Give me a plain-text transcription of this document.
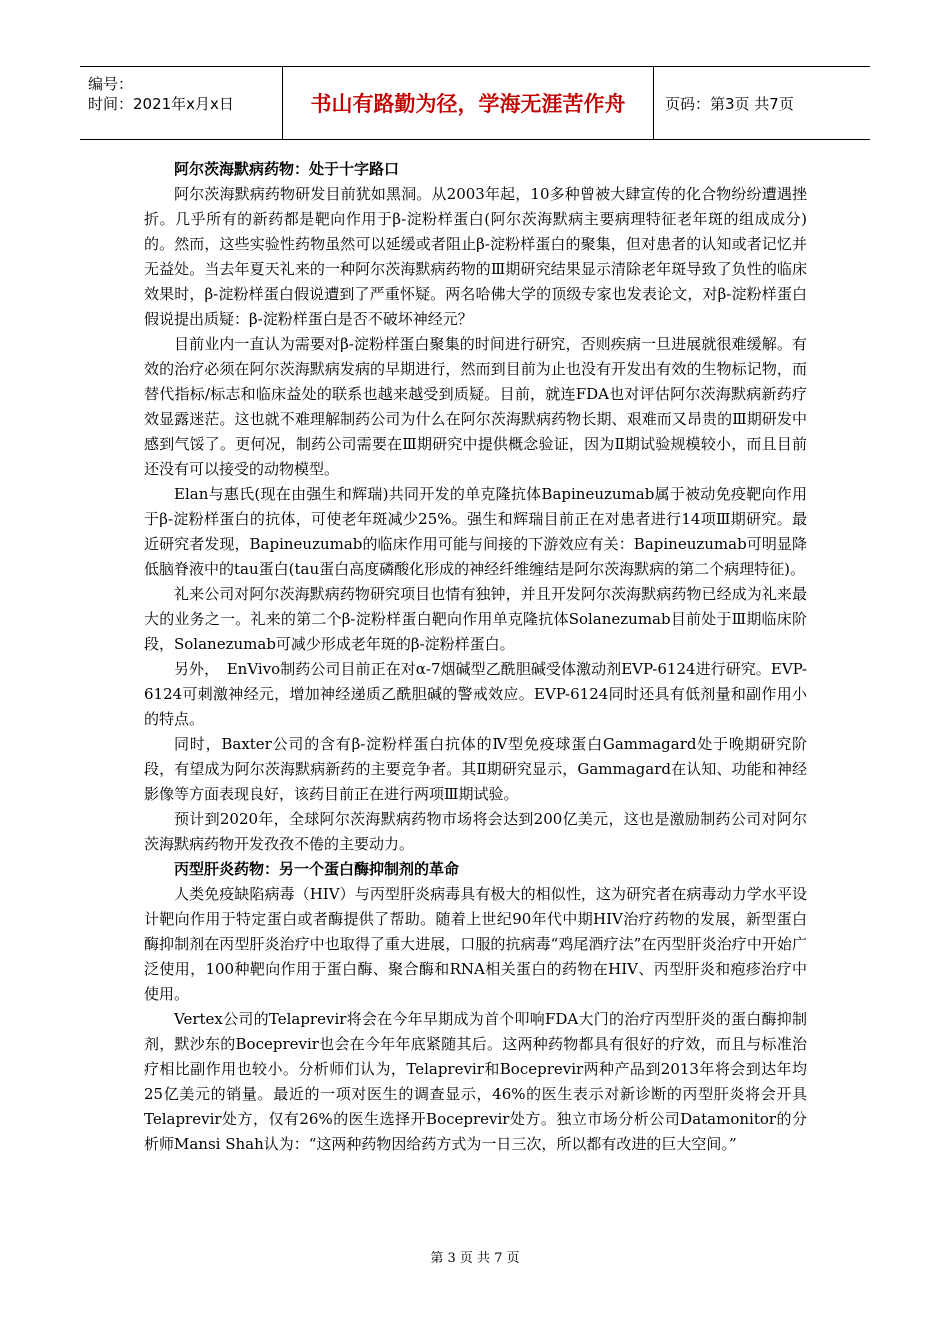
编号：
时间：2021年x月x日	书山有路勤为径，学海无涯苦作舟	页码：第3页 共7页

阿尔茨海默病药物：处于十字路口

阿尔茨海默病药物研发目前犹如黑洞。从2003年起，10多种曾被大肆宣传的化合物纷纷遭遇挫折。几乎所有的新药都是靶向作用于β-淀粉样蛋白(阿尔茨海默病主要病理特征老年斑的组成成分)的。然而，这些实验性药物虽然可以延缓或者阻止β-淀粉样蛋白的聚集，但对患者的认知或者记忆并无益处。当去年夏天礼来的一种阿尔茨海默病药物的Ⅲ期研究结果显示清除老年斑导致了负性的临床效果时，β-淀粉样蛋白假说遭到了严重怀疑。两名哈佛大学的顶级专家也发表论文，对β-淀粉样蛋白假说提出质疑：β-淀粉样蛋白是否不破坏神经元？

目前业内一直认为需要对β-淀粉样蛋白聚集的时间进行研究，否则疾病一旦进展就很难缓解。有效的治疗必须在阿尔茨海默病发病的早期进行，然而到目前为止也没有开发出有效的生物标记物，而替代指标/标志和临床益处的联系也越来越受到质疑。目前，就连FDA也对评估阿尔茨海默病新药疗效显露迷茫。这也就不难理解制药公司为什么在阿尔茨海默病药物长期、艰难而又昂贵的Ⅲ期研发中感到气馁了。更何况，制药公司需要在Ⅲ期研究中提供概念验证，因为Ⅱ期试验规模较小，而且目前还没有可以接受的动物模型。

Elan与惠氏(现在由强生和辉瑞)共同开发的单克隆抗体Bapineuzumab属于被动免疫靶向作用于β-淀粉样蛋白的抗体，可使老年斑减少25%。强生和辉瑞目前正在对患者进行14项Ⅲ期研究。最近研究者发现，Bapineuzumab的临床作用可能与间接的下游效应有关：Bapineuzumab可明显降低脑脊液中的tau蛋白(tau蛋白高度磷酸化形成的神经纤维缠结是阿尔茨海默病的第二个病理特征)。

礼来公司对阿尔茨海默病药物研究项目也情有独钟，并且开发阿尔茨海默病药物已经成为礼来最大的业务之一。礼来的第二个β-淀粉样蛋白靶向作用单克隆抗体Solanezumab目前处于Ⅲ期临床阶段，Solanezumab可减少形成老年斑的β-淀粉样蛋白。

另外，　EnVivo制药公司目前正在对α-7烟碱型乙酰胆碱受体激动剂EVP-6124进行研究。EVP-6124可刺激神经元，增加神经递质乙酰胆碱的警戒效应。EVP-6124同时还具有低剂量和副作用小的特点。

同时，Baxter公司的含有β-淀粉样蛋白抗体的Ⅳ型免疫球蛋白Gammagard处于晚期研究阶段，有望成为阿尔茨海默病新药的主要竞争者。其Ⅱ期研究显示，Gammagard在认知、功能和神经影像等方面表现良好，该药目前正在进行两项Ⅲ期试验。

预计到2020年，全球阿尔茨海默病药物市场将会达到200亿美元，这也是激励制药公司对阿尔茨海默病药物开发孜孜不倦的主要动力。

丙型肝炎药物：另一个蛋白酶抑制剂的革命

人类免疫缺陷病毒（HIV）与丙型肝炎病毒具有极大的相似性，这为研究者在病毒动力学水平设计靶向作用于特定蛋白或者酶提供了帮助。随着上世纪90年代中期HIV治疗药物的发展，新型蛋白酶抑制剂在丙型肝炎治疗中也取得了重大进展，口服的抗病毒“鸡尾酒疗法”在丙型肝炎治疗中开始广泛使用，100种靶向作用于蛋白酶、聚合酶和RNA相关蛋白的药物在HIV、丙型肝炎和疱疹治疗中使用。

Vertex公司的Telaprevir将会在今年早期成为首个叩响FDA大门的治疗丙型肝炎的蛋白酶抑制剂，默沙东的Boceprevir也会在今年年底紧随其后。这两种药物都具有很好的疗效，而且与标准治疗相比副作用也较小。分析师们认为，Telaprevir和Boceprevir两种产品到2013年将会到达年均25亿美元的销量。最近的一项对医生的调查显示，46%的医生表示对新诊断的丙型肝炎将会开具Telaprevir处方，仅有26%的医生选择开Boceprevir处方。独立市场分析公司Datamonitor的分析师Mansi Shah认为：“这两种药物因给药方式为一日三次，所以都有改进的巨大空间。”

第 3 页 共 7 页
